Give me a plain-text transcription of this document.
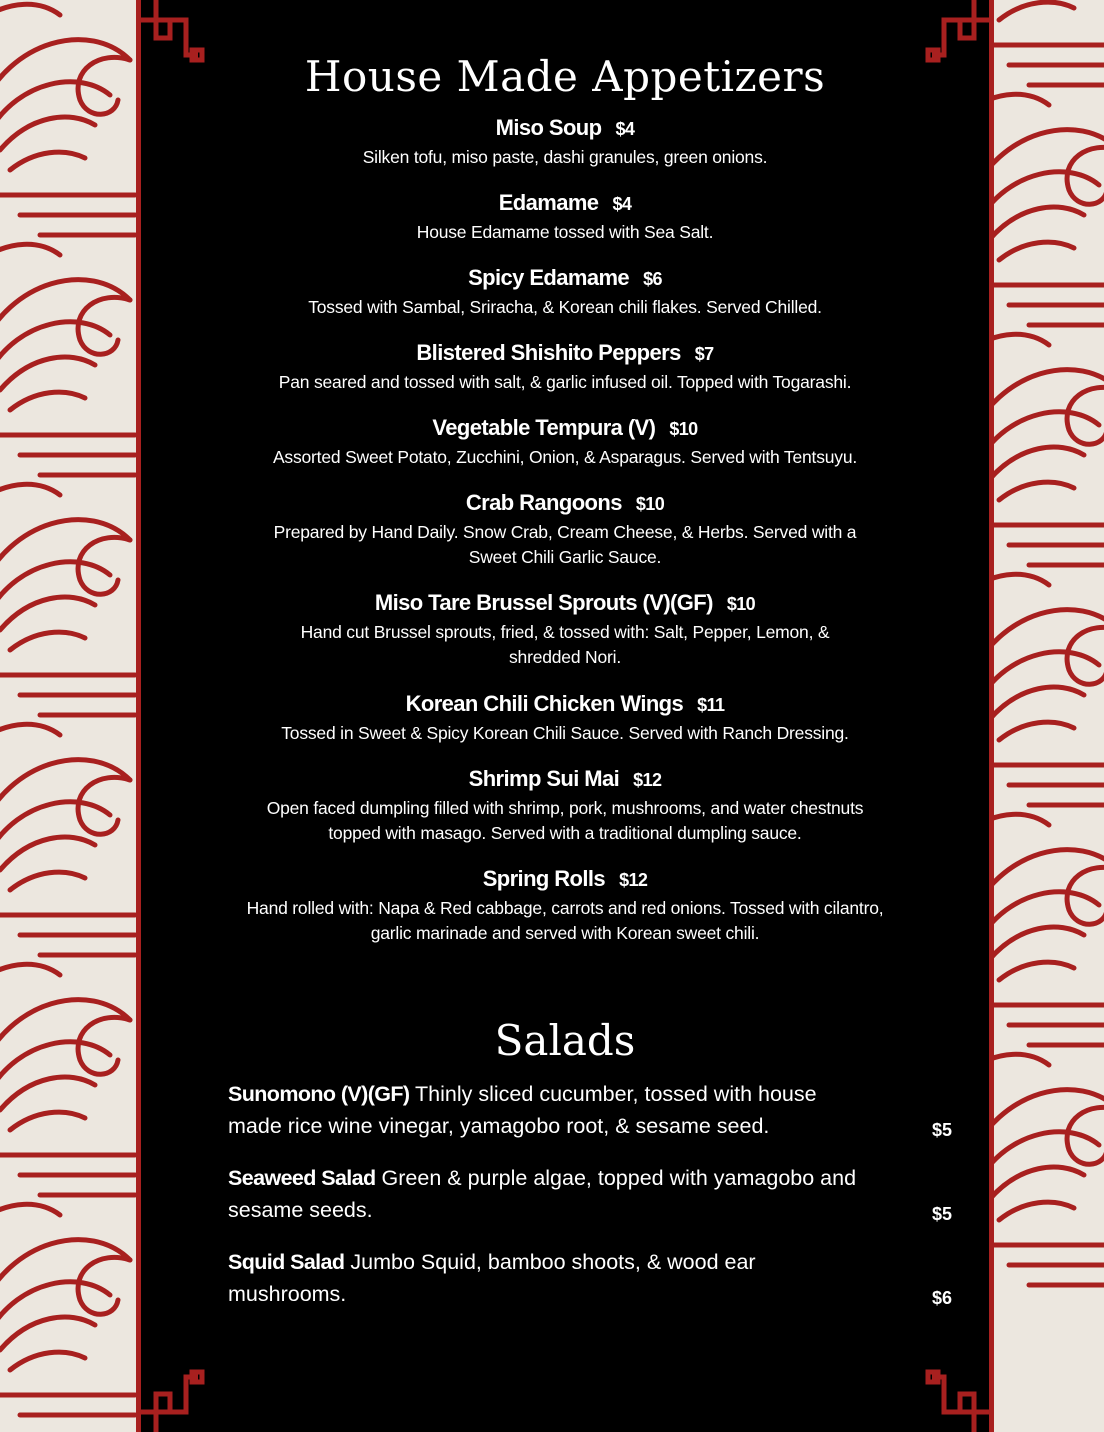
House Made Appetizers
Miso Soup $4
Silken tofu, miso paste, dashi granules, green onions.
Edamame $4
House Edamame tossed with Sea Salt.
Spicy Edamame $6
Tossed with Sambal, Sriracha, & Korean chili flakes. Served Chilled.
Blistered Shishito Peppers $7
Pan seared and tossed with salt, & garlic infused oil. Topped with Togarashi.
Vegetable Tempura (V) $10
Assorted Sweet Potato, Zucchini, Onion, & Asparagus. Served with Tentsuyu.
Crab Rangoons $10
Prepared by Hand Daily. Snow Crab, Cream Cheese, & Herbs. Served with a Sweet Chili Garlic Sauce.
Miso Tare Brussel Sprouts (V)(GF) $10
Hand cut Brussel sprouts, fried, & tossed with: Salt, Pepper, Lemon, & shredded Nori.
Korean Chili Chicken Wings $11
Tossed in Sweet & Spicy Korean Chili Sauce. Served with Ranch Dressing.
Shrimp Sui Mai $12
Open faced dumpling filled with shrimp, pork, mushrooms, and water chestnuts topped with masago. Served with a traditional dumpling sauce.
Spring Rolls $12
Hand rolled with: Napa & Red cabbage, carrots and red onions. Tossed with cilantro, garlic marinade and served with Korean sweet chili.
Salads
Sunomono (V)(GF) Thinly sliced cucumber, tossed with house made rice wine vinegar, yamagobo root, & sesame seed.	$5
Seaweed Salad Green & purple algae, topped with yamagobo and sesame seeds.	$5
Squid Salad Jumbo Squid, bamboo shoots, & wood ear mushrooms.	$6
